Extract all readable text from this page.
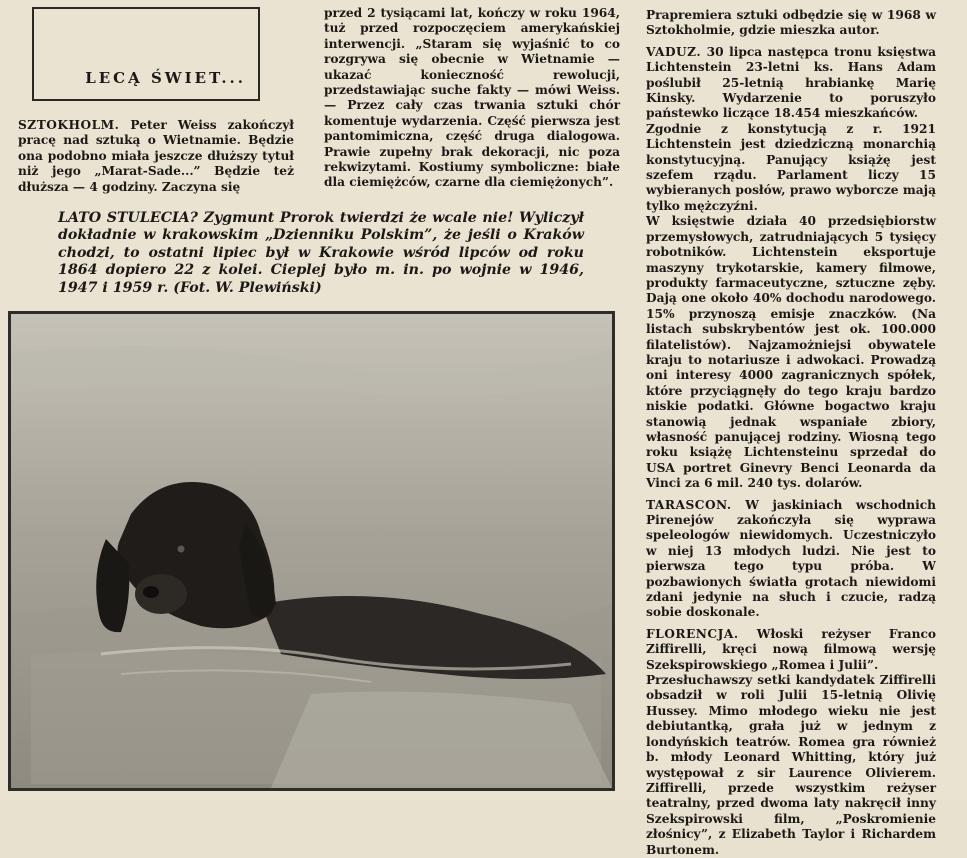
LECĄ ŚWIET...

SZTOKHOLM. Peter Weiss zakończył pracę nad sztuką o Wietnamie. Będzie ona podobno miała jeszcze dłuższy tytuł niż jego „Marat-Sade...” Będzie też dłuższa — 4 godziny. Zaczyna się

przed 2 tysiącami lat, kończy w roku 1964, tuż przed rozpoczęciem amerykańskiej interwencji. „Staram się wyjaśnić to co rozgrywa się obecnie w Wietnamie — ukazać konieczność rewolucji, przedstawiając suche fakty — mówi Weiss. — Przez cały czas trwania sztuki chór komentuje wydarzenia. Część pierwsza jest pantomimiczna, część druga dialogowa. Prawie zupełny brak dekoracji, nic poza rekwizytami. Kostiumy symboliczne: białe dla ciemiężców, czarne dla ciemiężonych”.

Prapremiera sztuki odbędzie się w 1968 w Sztokholmie, gdzie mieszka autor.

VADUZ. 30 lipca następca tronu księstwa Lichtenstein 23-letni ks. Hans Adam poślubił 25-letnią hrabiankę Marię Kinsky. Wydarzenie to poruszyło państewko liczące 18.454 mieszkańców.

Zgodnie z konstytucją z r. 1921 Lichtenstein jest dziedziczną monarchią konstytucyjną. Panujący książę jest szefem rządu. Parlament liczy 15 wybieranych posłów, prawo wyborcze mają tylko mężczyźni.

W księstwie działa 40 przedsiębiorstw przemysłowych, zatrudniających 5 tysięcy robotników. Lichtenstein eksportuje maszyny trykotarskie, kamery filmowe, produkty farmaceutyczne, sztuczne zęby. Dają one około 40% dochodu narodowego. 15% przynoszą emisje znaczków. (Na listach subskrybentów jest ok. 100.000 filatelistów). Najzamożniejsi obywatele kraju to notariusze i adwokaci. Prowadzą oni interesy 4000 zagranicznych spółek, które przyciągnęły do tego kraju bardzo niskie podatki. Główne bogactwo kraju stanowią jednak wspaniałe zbiory, własność panującej rodziny. Wiosną tego roku książę Lichtensteinu sprzedał do USA portret Ginevry Benci Leonarda da Vinci za 6 mil. 240 tys. dolarów.

TARASCON. W jaskiniach wschodnich Pirenejów zakończyła się wyprawa speleologów niewidomych. Uczestniczyło w niej 13 młodych ludzi. Nie jest to pierwsza tego typu próba. W pozbawionych światła grotach niewidomi zdani jedynie na słuch i czucie, radzą sobie doskonale.

FLORENCJA. Włoski reżyser Franco Ziffirelli, kręci nową filmową wersję Szekspirowskiego „Romea i Julii”.

Przesłuchawszy setki kandydatek Ziffirelli obsadził w roli Julii 15-letnią Olivię Hussey. Mimo młodego wieku nie jest debiutantką, grała już w jednym z londyńskich teatrów. Romea gra również b. młody Leonard Whitting, który już występował z sir Laurence Olivierem. Ziffirelli, przede wszystkim reżyser teatralny, przed dwoma laty nakręcił inny Szekspirowski film, „Poskromienie złośnicy”, z Elizabeth Taylor i Richardem Burtonem.

LATO STULECIA? Zygmunt Prorok twierdzi że wcale nie! Wyliczył dokładnie w krakowskim „Dzienniku Polskim”, że jeśli o Kraków chodzi, to ostatni lipiec był w Krakowie wśród lipców od roku 1864 dopiero 22 z kolei. Cieplej było m. in. po wojnie w 1946, 1947 i 1959 r. (Fot. W. Plewiński)
